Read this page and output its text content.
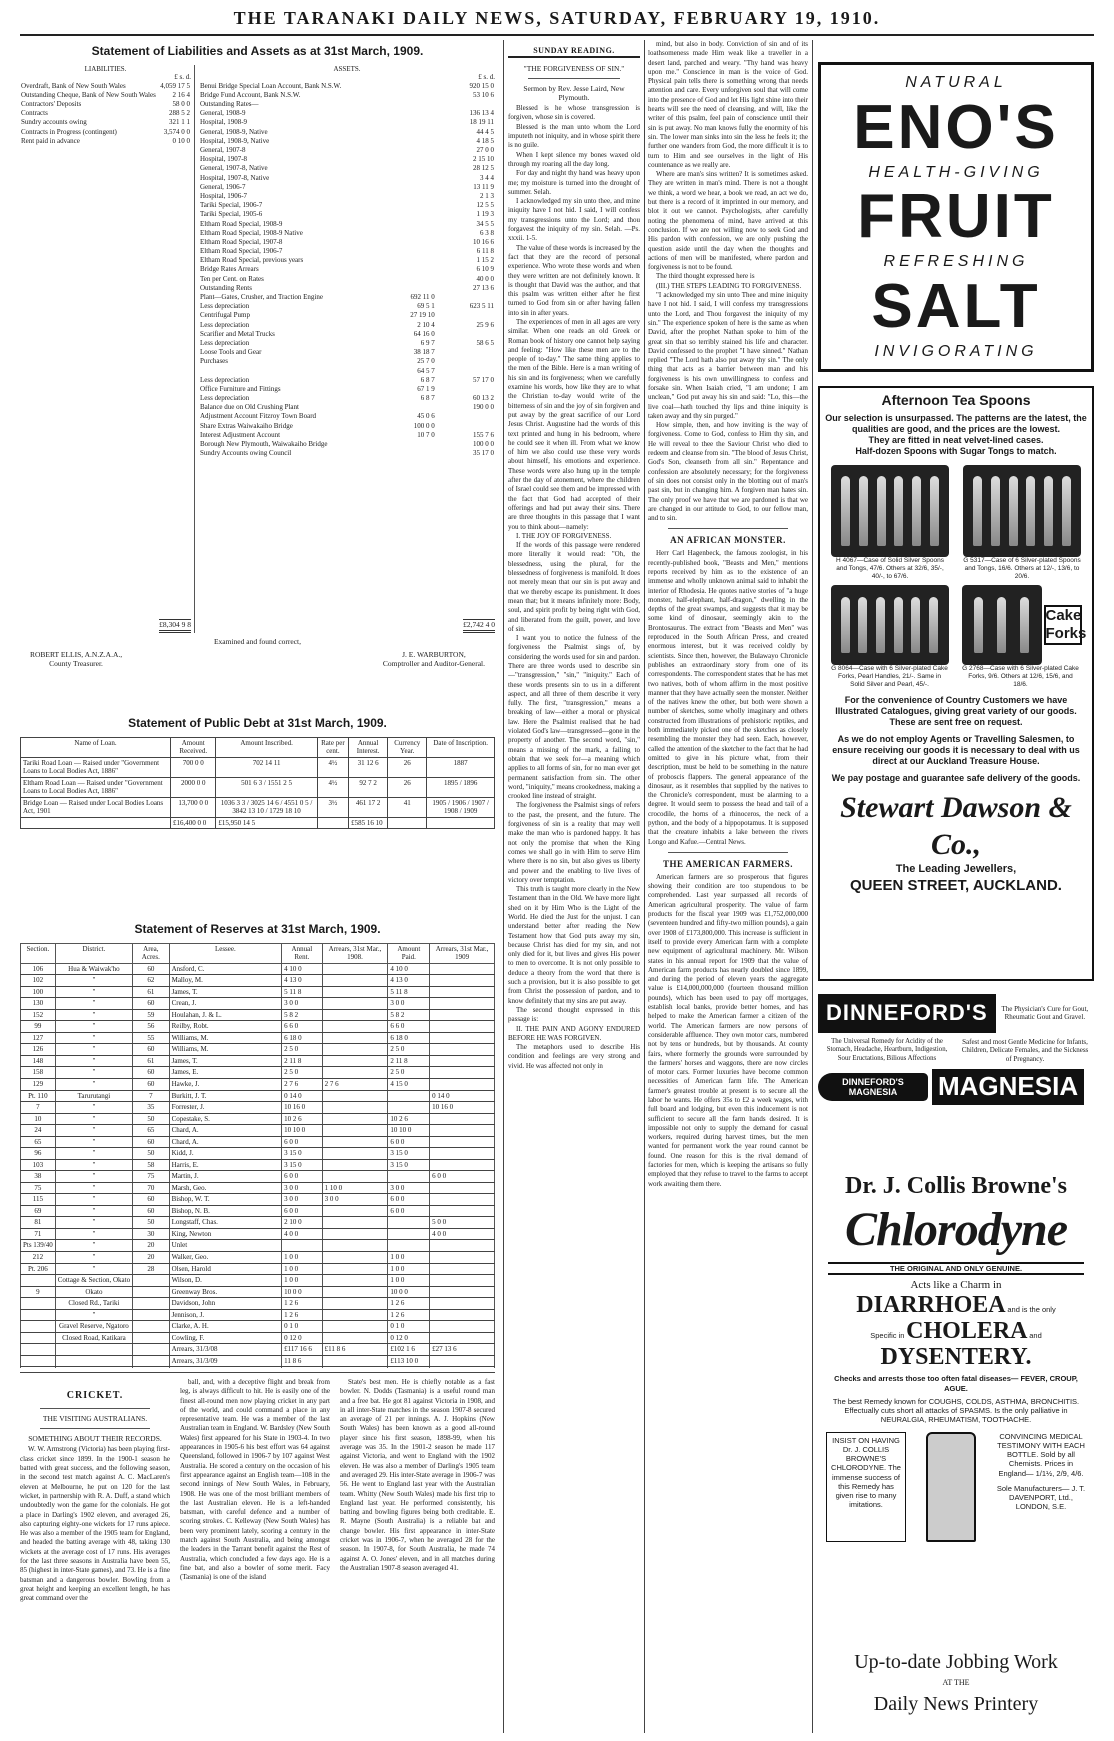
THE TARANAKI DAILY NEWS, SATURDAY, FEBRUARY 19, 1910.
Statement of Liabilities and Assets as at 31st March, 1909.
LIABILITIES.
£ s. d.
Overdraft, Bank of New South Wales	4,059 17 5
Outstanding Cheque, Bank of New South Wales	2 16 4
Contractors' Deposits	58 0 0
Contracts	288 5 2
Sundry accounts owing	321 1 1
Contracts in Progress (contingent)	3,574 0 0
Rent paid in advance	0 10 0
£8,304 9 8
ASSETS.
£ s. d.
Benui Bridge Special Loan Account, Bank N.S.W.		920 15 0
Bridge Fund Account, Bank N.S.W.		53 10 6
Outstanding Rates—		
General, 1908-9		136 13 4
Hospital, 1908-9		18 19 11
General, 1908-9, Native		44 4 5
Hospital, 1908-9, Native		4 18 5
General, 1907-8		27 0 0
Hospital, 1907-8		2 15 10
General, 1907-8, Native		28 12 5
Hospital, 1907-8, Native		3 4 4
General, 1906-7		13 11 9
Hospital, 1906-7		2 1 3
Tariki Special, 1906-7		12 5 5
Tariki Special, 1905-6		1 19 3
Eltham Road Special, 1908-9		34 5 5
Eltham Road Special, 1908-9 Native		6 3 8
Eltham Road Special, 1907-8		10 16 6
Eltham Road Special, 1906-7		6 11 8
Eltham Road Special, previous years		1 15 2
Bridge Rates Arrears		6 10 9
Ten per Cent. on Rates		40 0 0
Outstanding Rents		27 13 6
Plant—Gates, Crusher, and Traction Engine	692 11 0	
Less depreciation	69 5 1	623 5 11
Centrifugal Pump	27 19 10	
Less depreciation	2 10 4	25 9 6
Scarifier and Metal Trucks	64 16 0	
Less depreciation	6 9 7	58 6 5
Loose Tools and Gear	38 18 7	
Purchases	25 7 0	
	64 5 7	
Less depreciation	6 8 7	57 17 0
Office Furniture and Fittings	67 1 9	
Less depreciation	6 8 7	60 13 2
Balance due on Old Crushing Plant		190 0 0
Adjustment Account Fitzroy Town Board	45 0 6	
Share Extras Waiwakaiho Bridge	100 0 0	
Interest Adjustment Account	10 7 0	155 7 6
Borough New Plymouth, Waiwakaiho Bridge		100 0 0
Sundry Accounts owing Council		35 17 0
£2,742 4 0
Examined and found correct,
ROBERT ELLIS, A.N.Z.A.A.,
County Treasurer.
J. E. WARBURTON,
Comptroller and Auditor-General.
Statement of Public Debt at 31st March, 1909.
Name of Loan.	Amount Received.	Amount Inscribed.	Rate per cent.	Annual Interest.	Currency Year.	Date of Inscription.
Tariki Road Loan — Raised under "Government Loans to Local Bodies Act, 1886"	700 0 0	702 14 11	4½	31 12 6	26	1887
Eltham Road Loan — Raised under "Government Loans to Local Bodies Act, 1886"	2000 0 0	501 6 3 / 1551 2 5	4½	92 7 2	26	1895 / 1896
Bridge Loan — Raised under Local Bodies Loans Act, 1901	13,700 0 0	1036 3 3 / 3025 14 6 / 4551 0 5 / 3842 13 10 / 1729 18 10	3½	461 17 2	41	1905 / 1906 / 1907 / 1908 / 1909
	£16,400 0 0	£15,950 14 5		£585 16 10		
Statement of Reserves at 31st March, 1909.
Section.	District.	Area, Acres.	Lessee.	Annual Rent.	Arrears, 31st Mar., 1908.	Amount Paid.	Arrears, 31st Mar., 1909
106	Hua & Waiwak'ho	60	Ansford, C.	4 10 0		4 10 0	
102	"	62	Malloy, M.	4 13 0		4 13 0	
100	"	61	James, T.	5 11 8		5 11 8	
130	"	60	Crean, J.	3 0 0		3 0 0	
152	"	59	Houlahan, J. & L.	5 8 2		5 8 2	
99	"	56	Reilby, Robt.	6 6 0		6 6 0	
127	"	55	Williams, M.	6 18 0		6 18 0	
126	"	60	Williams, M.	2 5 0		2 5 0	
148	"	61	James, T.	2 11 8		2 11 8	
158	"	60	James, E.	2 5 0		2 5 0	
129	"	60	Hawke, J.	2 7 6	2 7 6	4 15 0	
Pt. 110	Tarurutangi	7	Burkitt, J. T.	0 14 0			0 14 0
7	"	35	Forrester, J.	10 16 0			10 16 0
10	"	50	Copestake, S.	10 2 6		10 2 6	
24	"	65	Chard, A.	10 10 0		10 10 0	
65	"	60	Chard, A.	6 0 0		6 0 0	
96	"	50	Kidd, J.	3 15 0		3 15 0	
103	"	58	Harris, E.	3 15 0		3 15 0	
38	"	75	Martin, J.	6 0 0			6 0 0
75	"	70	Marsh, Geo.	3 0 0	1 10 0	3 0 0	
115	"	60	Bishop, W. T.	3 0 0	3 0 0	6 0 0	
69	"	60	Bishop, N. B.	6 0 0		6 0 0	
81	"	50	Longstaff, Chas.	2 10 0			5 0 0
71	"	30	King, Newton	4 0 0			4 0 0
Pts 139/40	"	20	Unlet				
212	"	20	Walker, Geo.	1 0 0		1 0 0	
Pt. 206	"	28	Olsen, Harold	1 0 0		1 0 0	
	Cottage & Section, Okato		Wilson, D.	1 0 0		1 0 0	
9	Okato		Greenway Bros.	10 0 0		10 0 0	
	Closed Rd., Tariki		Davidson, John	1 2 6		1 2 6	
	"		Jennison, J.	1 2 6		1 2 6	
	Gravel Reserve, Ngatoro		Clarke, A. H.	0 1 0		0 1 0	
	Closed Road, Katikara		Cowling, F.	0 12 0		0 12 0	
			Arrears, 31/3/08	£117 16 6	£11 8 6	£102 1 6	£27 13 6
			Arrears, 31/3/09	11 8 6		£113 10 0	

CRICKET.
THE VISITING AUSTRALIANS.
SOMETHING ABOUT THEIR RECORDS.

W. W. Armstrong (Victoria) has been playing first-class cricket since 1899. In the 1900-1 season he batted with great success, and the following season, in the second test match against A. C. MacLaren's eleven at Melbourne, he put on 120 for the last wicket, in partnership with R. A. Duff, a stand which undoubtedly won the game for the colonials. He got a place in Darling's 1902 eleven, and averaged 26, also capturing eighty-one wickets for 17 runs apiece. He was also a member of the 1905 team for England, and headed the batting average with 48, taking 130 wickets at the average cost of 17 runs. His averages for the last three seasons in Australia have been 55, 85 (highest in inter-State games), and 73. He is a fine batsman and a dangerous bowler. Bowling from a great height and keeping an excellent length, he has great command over the

ball, and, with a deceptive flight and break from leg, is always difficult to hit. He is easily one of the finest all-round men now playing cricket in any part of the world, and could command a place in any representative team. He was a member of the last Australian team in England. W. Bardsley (New South Wales) first appeared for his State in 1903-4. In two appearances in 1905-6 his best effort was 64 against Queensland, followed in 1906-7 by 107 against West Australia. He scored a century on the occasion of his first appearance against an English team—108 in the second innings of New South Wales, in February, 1908. He was one of the most brilliant members of the last Australian eleven. He is a left-handed batsman, with careful defence and a number of scoring strokes. C. Kelleway (New South Wales) has been very prominent lately, scoring a century in the match against South Australia, and being amongst the leaders in the Tarrant benefit against the Rest of Australia, which concluded a few days ago. He is a fine bat, and also a bowler of some merit. Facy (Tasmania) is one of the island

State's best men. He is chiefly notable as a fast bowler. N. Dodds (Tasmania) is a useful round man and a free bat. He got 81 against Victoria in 1908, and in all inter-State matches in the season 1907-8 secured an average of 21 per innings. A. J. Hopkins (New South Wales) has been known as a good all-round player since his first season, 1898-99, when his average was 35. In the 1901-2 season he made 117 against Victoria, and went to England with the 1902 eleven. He was also a member of Darling's 1905 team and averaged 29. His inter-State average in 1906-7 was 56. He went to England last year with the Australian team. Whitty (New South Wales) made his first trip to England last year. He performed consistently, his batting and bowling figures being both creditable. E. R. Mayne (South Australia) is a reliable bat and change bowler. His first appearance in inter-State cricket was in 1906-7, when he averaged 28 for the season. In 1907-8, for South Australia, he made 74 against A. O. Jones' eleven, and in all matches during the Australian 1907-8 season averaged 41.

SUNDAY READING.
"THE FORGIVENESS OF SIN."
Sermon by Rev. Jesse Laird, New Plymouth.

Blessed is he whose transgression is forgiven, whose sin is covered.

Blessed is the man unto whom the Lord imputeth not iniquity, and in whose spirit there is no guile.

When I kept silence my bones waxed old through my roaring all the day long.

For day and night thy hand was heavy upon me; my moisture is turned into the drought of summer. Selah.

I acknowledged my sin unto thee, and mine iniquity have I not hid. I said, I will confess my transgressions unto the Lord; and thou forgavest the iniquity of my sin. Selah. —Ps. xxxii. 1-5.

The value of these words is increased by the fact that they are the record of personal experience. Who wrote these words and when they were written are not definitely known. It is thought that David was the author, and that this psalm was written either after he first turned to God from sin or after having fallen into sin in after years.

The experiences of men in all ages are very similar. When one reads an old Greek or Roman book of history one cannot help saying and feeling: "How like these men are to the people of to-day." The same thing applies to the men of the Bible. Here is a man writing of his sin and its forgiveness; when we carefully examine his words, how like they are to what the Christian to-day would write of the bitterness of sin and the joy of sin forgiven and put away by the great sacrifice of our Lord Jesus Christ. Augustine had the words of this text printed and hung in his bedroom, where he could see it when ill. From what we know of him we also could use these very words about himself, his emotions and experience. These words were also hung up in the temple after the day of atonement, where the children of Israel could see them and be impressed with the fact that God had accepted of their offerings and had put away their sins. There are three thoughts in this passage that I want you to think about—namely:

I. THE JOY OF FORGIVENESS.

If the words of this passage were rendered more literally it would read: "Oh, the blessedness, using the plural, for the blessedness of forgiveness is manifold. It does not merely mean that our sin is put away and that we thereby escape its punishment. It does mean that; but it means infinitely more: Body, soul, and spirit profit by being right with God, and liberated from the guilt, power, and love of sin.

I want you to notice the fulness of the forgiveness the Psalmist sings of, by considering the words used for sin and pardon. There are three words used to describe sin—"transgression," "sin," "iniquity." Each of these words presents sin to us in a different aspect, and all three of them describe it very fully. The first, "transgression," means a breaking of law—either a moral or physical law. Here the Psalmist realised that he had violated God's law—transgressed—gone in the property of another. The second word, "sin," means a missing of the mark, a failing to obtain that we seek for—a meaning which applies to all forms of sin, for no man ever get permanent satisfaction from sin. The other word, "iniquity," means crookedness, making a crooked line instead of straight.

The forgiveness the Psalmist sings of refers to the past, the present, and the future. The forgiveness of sin is a reality that may well make the man who is pardoned happy. It has not only the promise that when the King comes we shall go in with Him to serve Him where there is no sin, but also gives us liberty and power and the enabling to live lives of victory over temptation.

This truth is taught more clearly in the New Testament than in the Old. We have more light shed on it by Him Who is the Light of the World. He died the Just for the unjust. I can understand better after reading the New Testament how that God puts away my sin, because Christ has died for my sin, and not only died for it, but lives and gives His power to men to overcome. It is not only possible to deduce a theory from the word that there is such a provision, but it is also possible to get from Christ the possession of pardon, and to know definitely that my sins are put away.

The second thought expressed in this passage is:

II. THE PAIN AND AGONY ENDURED BEFORE HE WAS FORGIVEN.

The metaphors used to describe His condition and feelings are very strong and vivid. He was affected not only in

mind, but also in body. Conviction of sin and of its loathsomeness made Him weak like a traveller in a desert land, parched and weary. "Thy hand was heavy upon me." Conscience in man is the voice of God. Physical pain tells there is something wrong that needs attention and care. Every unforgiven soul that will come into the presence of God and let His light shine into their hearts will see the need of cleansing, and will, like the writer of this psalm, feel pain of conscience until their sin is put away. No man knows fully the enormity of his sin. The lower man sinks into sin the less he feels it; the further one wanders from God, the more difficult it is to turn to Him and see ourselves in the light of His countenance as we really are.

Where are man's sins written? It is sometimes asked. They are written in man's mind. There is not a thought we think, a word we hear, a book we read, an act we do, but there is a record of it imprinted in our memory, and blot it out we cannot. Psychologists, after carefully noting the phenomena of mind, have arrived at this conclusion. If we are not willing now to seek God and His pardon with confession, we are only pushing the question aside until the day when the thoughts and actions of men will be manifested, where pardon and forgiveness is not to be found.

The third thought expressed here is

(III.) THE STEPS LEADING TO FORGIVENESS.

"I acknowledged my sin unto Thee and mine iniquity have I not hid. I said, I will confess my transgressions unto the Lord, and Thou forgavest the iniquity of my sin." The experience spoken of here is the same as when David, after the prophet Nathan spoke to him of the great sin that so terribly stained his life and character. David confessed to the prophet "I have sinned." Nathan replied "The Lord hath also put away thy sin." The only thing that acts as a barrier between man and his forgiveness is his own unwillingness to confess and forsake sin. When Isaiah cried, "I am undone; I am unclean," God put away his sin and said: "Lo, this—the live coal—hath touched thy lips and thine iniquity is taken away and thy sin purged."

How simple, then, and how inviting is the way of forgiveness. Come to God, confess to Him thy sin, and He will reveal to thee the Saviour Christ who died to redeem and cleanse from sin. "The blood of Jesus Christ, God's Son, cleanseth from all sin." Repentance and confession are absolutely necessary; for the forgiveness of sin does not consist only in the blotting out of man's past sin, but in changing him. A forgiven man hates sin. The only proof we have that we are pardoned is that we are changed in our attitude to God, to our fellow man, and to sin.

AN AFRICAN MONSTER.

Herr Carl Hagenbeck, the famous zoologist, in his recently-published book, "Beasts and Men," mentions reports received by him as to the existence of an immense and wholly unknown animal said to inhabit the interior of Rhodesia. He quotes native stories of "a huge monster, half-elephant, half-dragon," dwelling in the depths of the great swamps, and suggests that it may be some kind of dinosaur, seemingly akin to the Brontosaurus. The extract from "Beasts and Men" was reproduced in the South African Press, and created enormous interest, but it was received coldly by scientists. Since then, however, the Bulawayo Chronicle publishes an extraordinary story from one of its correspondents. The correspondent states that he has met two natives, both of whom affirm in the most positive manner that they have actually seen the monster. Neither of the natives knew the other, but both were shown a number of sketches, some wholly imaginary and others constructed from illustrations of prehistoric reptiles, and both immediately picked one of the sketches as closely resembling the monster they had seen. Each, however, called the attention of the sketcher to the fact that he had omitted to give in his picture what, from their description, must be held to be something in the nature of proboscis flappers. The general appearance of the dinosaur, as it resembles that supplied by the natives to the Chronicle's correspondent, must be alarming to a degree. It would seem to possess the head and tail of a crocodile, the horns of a rhinoceros, the neck of a python, and the body of a hippopotamus. It is supposed that the creature inhabits a lake between the rivers Longo and Kafue.—Central News.

THE AMERICAN FARMERS.

American farmers are so prosperous that figures showing their condition are too stupendous to be comprehended. Last year surpassed all records of American agricultural prosperity. The value of farm products for the fiscal year 1909 was £1,752,000,000 (seventeen hundred and fifty-two million pounds), a gain over 1908 of £173,800,000. This increase is sufficient in itself to provide every American farm with a complete new equipment of agricultural machinery. Mr. Wilson states in his annual report for 1909 that the value of American farm products has nearly doubled since 1899, and during the period of eleven years the aggregate value is £14,000,000,000 (fourteen thousand million pounds), which has been used to pay off mortgages, establish local banks, provide better homes, and has helped to make the American farmer a citizen of the world. The American farmers are now persons of considerable affluence. They own motor cars, numbered not by tens or hundreds, but by thousands. At county fairs, where formerly the grounds were surrounded by the farmers' horses and waggons, there are now circles of motor cars. Former luxuries have become common necessities of American farm life. The American farmer's greatest trouble at present is to secure all the labor he wants. He offers 35s to £2 a week wages, with full board and lodging, but even this inducement is not sufficient to secure all the farm hands desired. It is impossible not only to supply the demand for casual workers, required during harvest times, but the men wanted for permanent work the year round cannot be found. One reason for this is the rival demand of factories for men, which is keeping the artisans so fully employed that they refuse to travel to the farms to accept work awaiting them there.

NATURAL
ENO'S
HEALTH-GIVING
FRUIT
REFRESHING
SALT
INVIGORATING
Afternoon Tea Spoons

Our selection is unsurpassed. The patterns are the latest, the qualities are good, and the prices are the lowest.

They are fitted in neat velvet-lined cases.

Half-dozen Spoons with Sugar Tongs to match.

H 4067—Case of Solid Silver Spoons and Tongs, 47/6. Others at 32/6, 35/-, 40/-, to 67/6.
G 5317—Case of 6 Silver-plated Spoons and Tongs, 16/6. Others at 12/-, 13/6, to 20/6.
G 8064—Case with 6 Silver-plated Cake Forks, Pearl Handles, 21/-. Same in Solid Silver and Pearl, 45/-.
Cake Forks
G 2768—Case with 6 Silver-plated Cake Forks, 9/6. Others at 12/6, 15/6, and 18/6.

For the convenience of Country Customers we have Illustrated Catalogues, giving great variety of our goods. These are sent free on request.

As we do not employ Agents or Travelling Salesmen, to ensure receiving our goods it is necessary to deal with us direct at our Auckland Treasure House.

We pay postage and guarantee safe delivery of the goods.

Stewart Dawson & Co.,
The Leading Jewellers,
QUEEN STREET, AUCKLAND.
DINNEFORD'S	The Physician's Cure for Gout, Rheumatic Gout and Gravel.
The Universal Remedy for Acidity of the Stomach, Headache, Heartburn, Indigestion, Sour Eructations, Bilious Affections
Safest and most Gentle Medicine for Infants, Children, Delicate Females, and the Sickness of Pregnancy.
DINNEFORD'S MAGNESIA	MAGNESIA
Dr. J. Collis Browne's
Chlorodyne
THE ORIGINAL AND ONLY GENUINE.
Acts like a Charm in
DIARRHOEA and is the only
Specific in CHOLERA and
DYSENTERY.
Checks and arrests those too often fatal diseases— FEVER, CROUP, AGUE.
The best Remedy known for COUGHS, COLDS, ASTHMA, BRONCHITIS. Effectually cuts short all attacks of SPASMS. Is the only palliative in NEURALGIA, RHEUMATISM, TOOTHACHE.
INSIST ON HAVING Dr. J. COLLIS BROWNE'S CHLORODYNE. The immense success of this Remedy has given rise to many imitations.
CONVINCING MEDICAL TESTIMONY WITH EACH BOTTLE. Sold by all Chemists. Prices in England— 1/1½, 2/9, 4/6.
Sole Manufacturers— J. T. DAVENPORT, Ltd., LONDON, S.E.
Up-to-date Jobbing Work
AT THE
Daily News Printery
